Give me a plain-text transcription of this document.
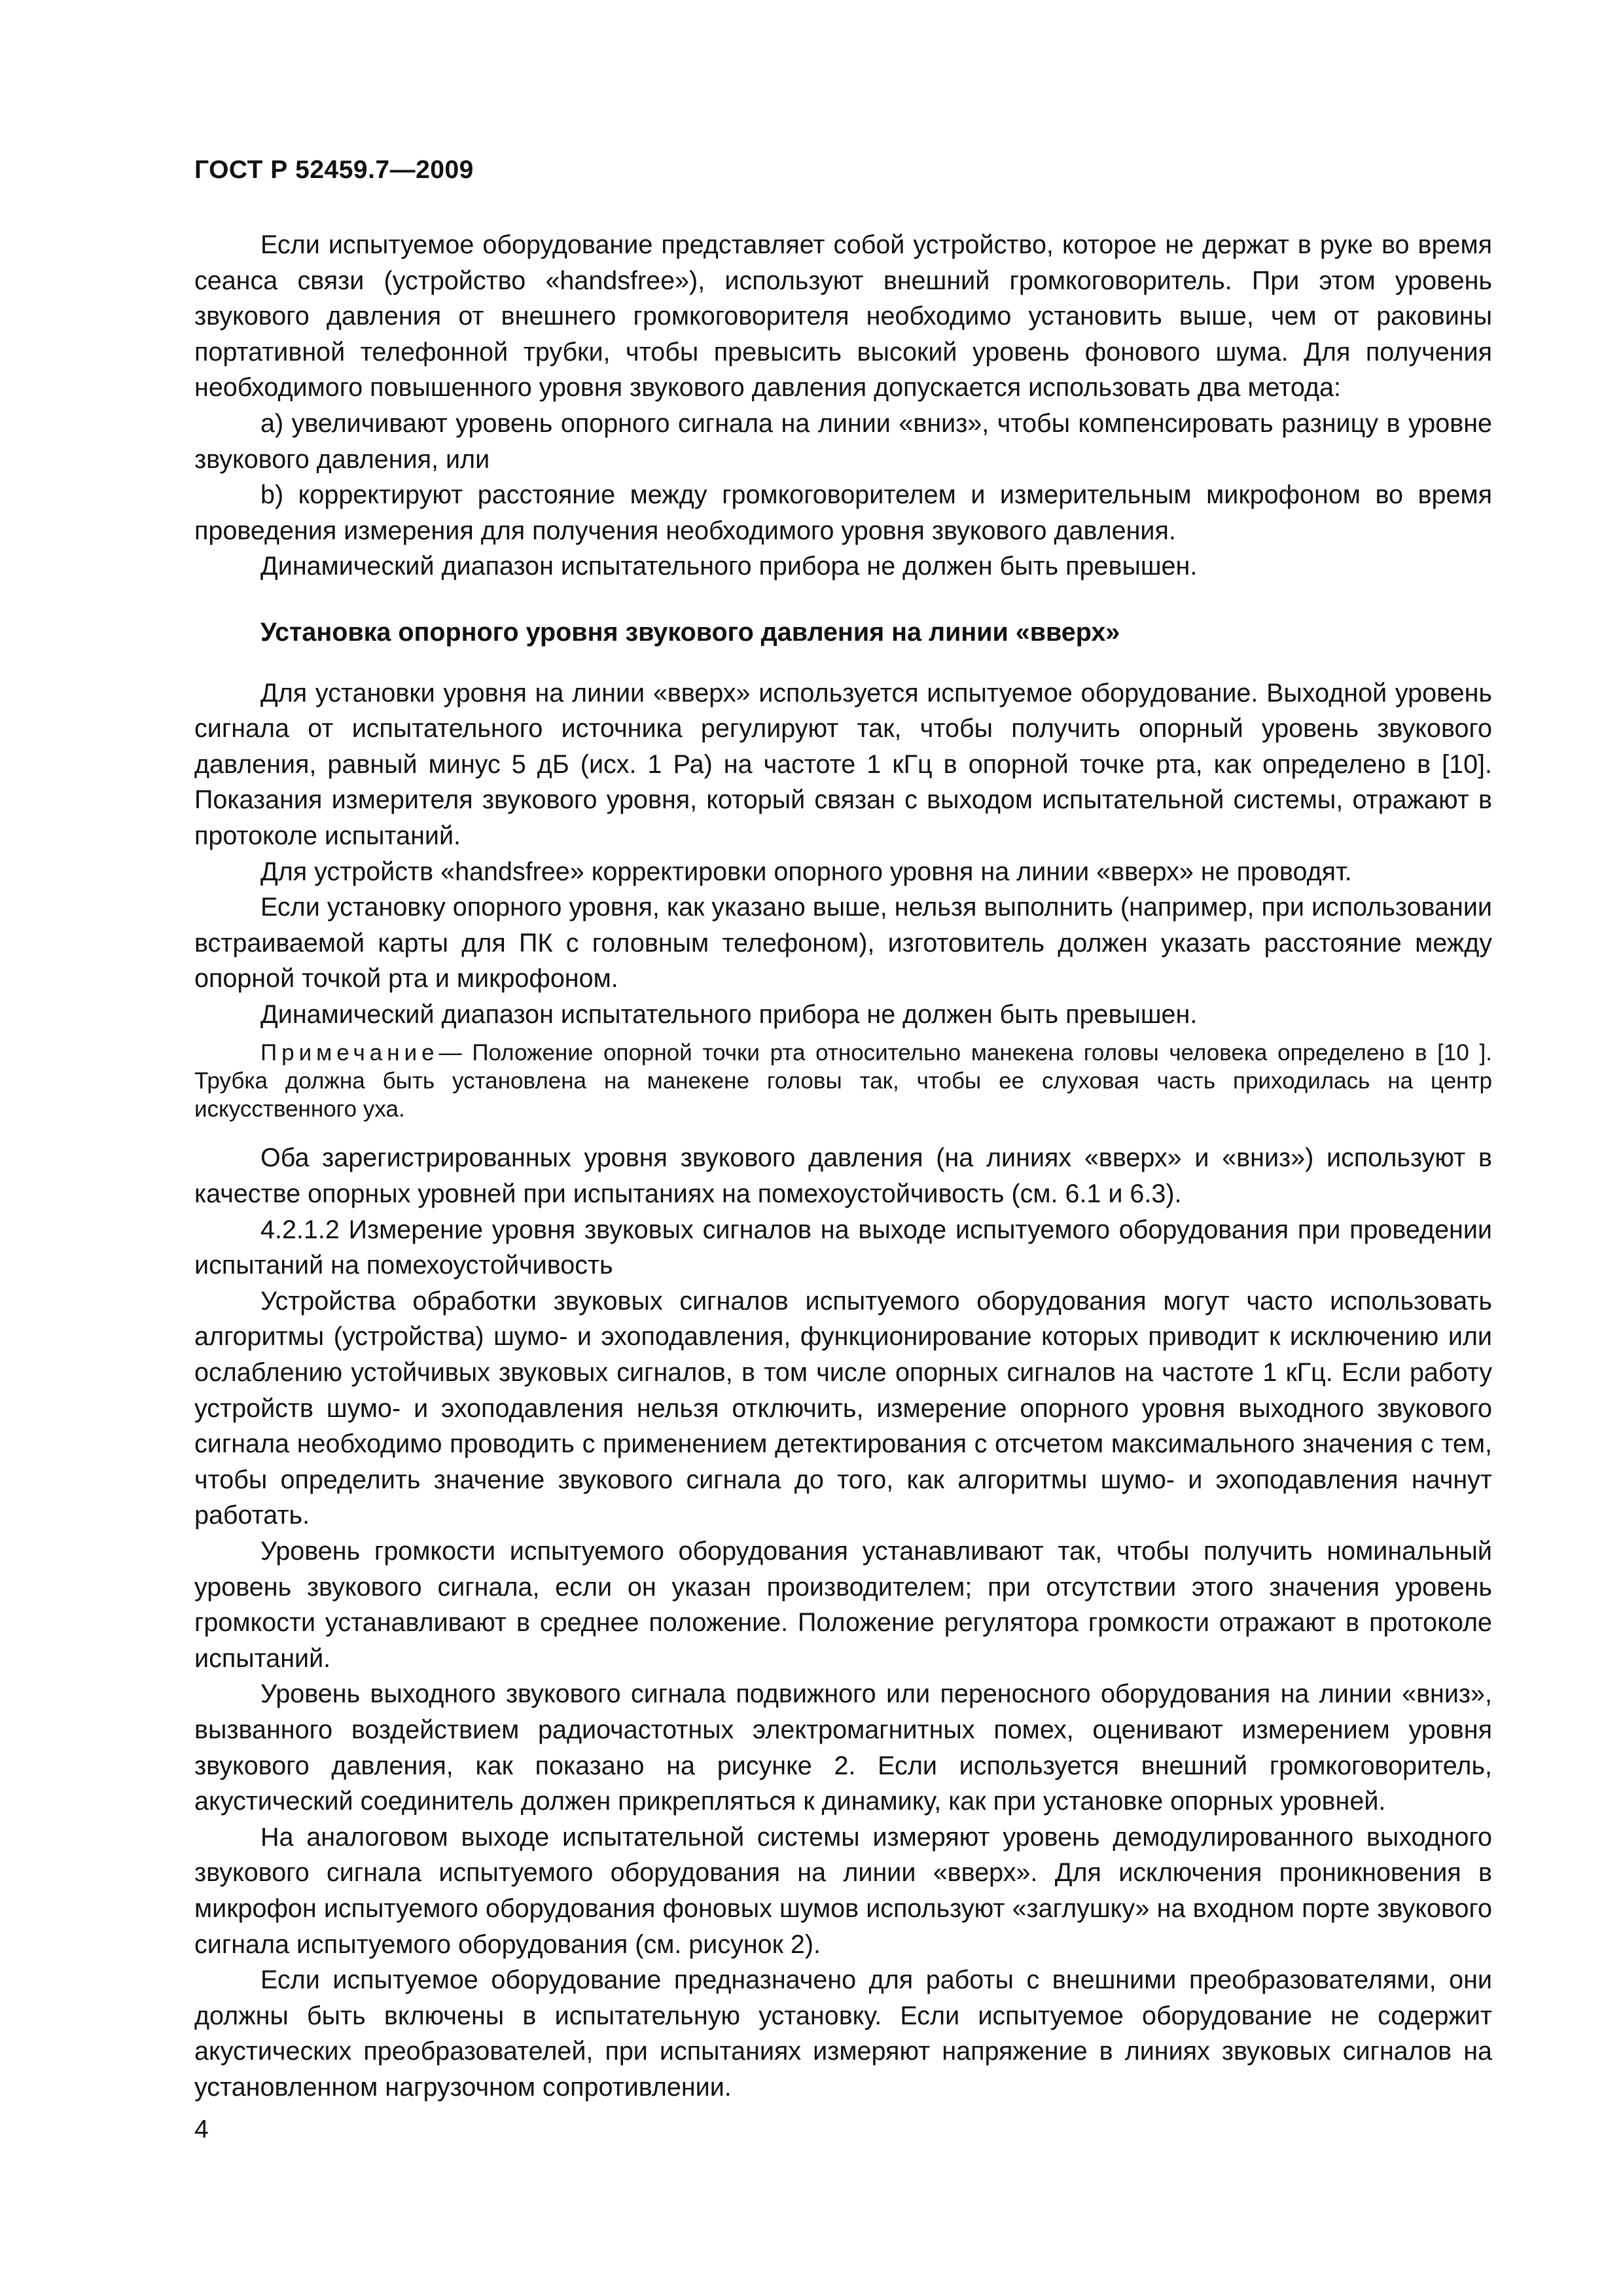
ГОСТ Р 52459.7—2009

Если испытуемое оборудование представляет собой устройство, которое не держат в руке во время сеанса связи (устройство «handsfree»), используют внешний громкоговоритель. При этом уровень звукового давления от внешнего громкоговорителя необходимо установить выше, чем от раковины портативной телефонной трубки, чтобы превысить высокий уровень фонового шума. Для получения необходимого повышенного уровня звукового давления допускается использовать два метода:

a) увеличивают уровень опорного сигнала на линии «вниз», чтобы компенсировать разницу в уровне звукового давления, или

b) корректируют расстояние между громкоговорителем и измерительным микрофоном во время проведения измерения для получения необходимого уровня звукового давления.

Динамический диапазон испытательного прибора не должен быть превышен.

Установка опорного уровня звукового давления на линии «вверх»

Для установки уровня на линии «вверх» используется испытуемое оборудование. Выходной уровень сигнала от испытательного источника регулируют так, чтобы получить опорный уровень звукового давления, равный минус 5 дБ (исх. 1 Ра) на частоте 1 кГц в опорной точке рта, как определено в [10]. Показания измерителя звукового уровня, который связан с выходом испытательной системы, отражают в протоколе испытаний.

Для устройств «handsfree» корректировки опорного уровня на линии «вверх» не проводят.

Если установку опорного уровня, как указано выше, нельзя выполнить (например, при использовании встраиваемой карты для ПК с головным телефоном), изготовитель должен указать расстояние между опорной точкой рта и микрофоном.

Динамический диапазон испытательного прибора не должен быть превышен.

Примечание— Положение опорной точки рта относительно манекена головы человека определено в [10 ]. Трубка должна быть установлена на манекене головы так, чтобы ее слуховая часть приходилась на центр искусственного уха.

Оба зарегистрированных уровня звукового давления (на линиях «вверх» и «вниз») используют в качестве опорных уровней при испытаниях на помехоустойчивость (см. 6.1 и 6.3).

4.2.1.2 Измерение уровня звуковых сигналов на выходе испытуемого оборудования при проведении испытаний на помехоустойчивость

Устройства обработки звуковых сигналов испытуемого оборудования могут часто использовать алгоритмы (устройства) шумо- и эхоподавления, функционирование которых приводит к исключению или ослаблению устойчивых звуковых сигналов, в том числе опорных сигналов на частоте 1 кГц. Если работу устройств шумо- и эхоподавления нельзя отключить, измерение опорного уровня выходного звукового сигнала необходимо проводить с применением детектирования с отсчетом максимального значения с тем, чтобы определить значение звукового сигнала до того, как алгоритмы шумо- и эхоподавления начнут работать.

Уровень громкости испытуемого оборудования устанавливают так, чтобы получить номинальный уровень звукового сигнала, если он указан производителем; при отсутствии этого значения уровень громкости устанавливают в среднее положение. Положение регулятора громкости отражают в протоколе испытаний.

Уровень выходного звукового сигнала подвижного или переносного оборудования на линии «вниз», вызванного воздействием радиочастотных электромагнитных помех, оценивают измерением уровня звукового давления, как показано на рисунке 2. Если используется внешний громкоговоритель, акустический соединитель должен прикрепляться к динамику, как при установке опорных уровней.

На аналоговом выходе испытательной системы измеряют уровень демодулированного выходного звукового сигнала испытуемого оборудования на линии «вверх». Для исключения проникновения в микрофон испытуемого оборудования фоновых шумов используют «заглушку» на входном порте звукового сигнала испытуемого оборудования (см. рисунок 2).

Если испытуемое оборудование предназначено для работы с внешними преобразователями, они должны быть включены в испытательную установку. Если испытуемое оборудование не содержит акустических преобразователей, при испытаниях измеряют напряжение в линиях звуковых сигналов на установленном нагрузочном сопротивлении.

4
